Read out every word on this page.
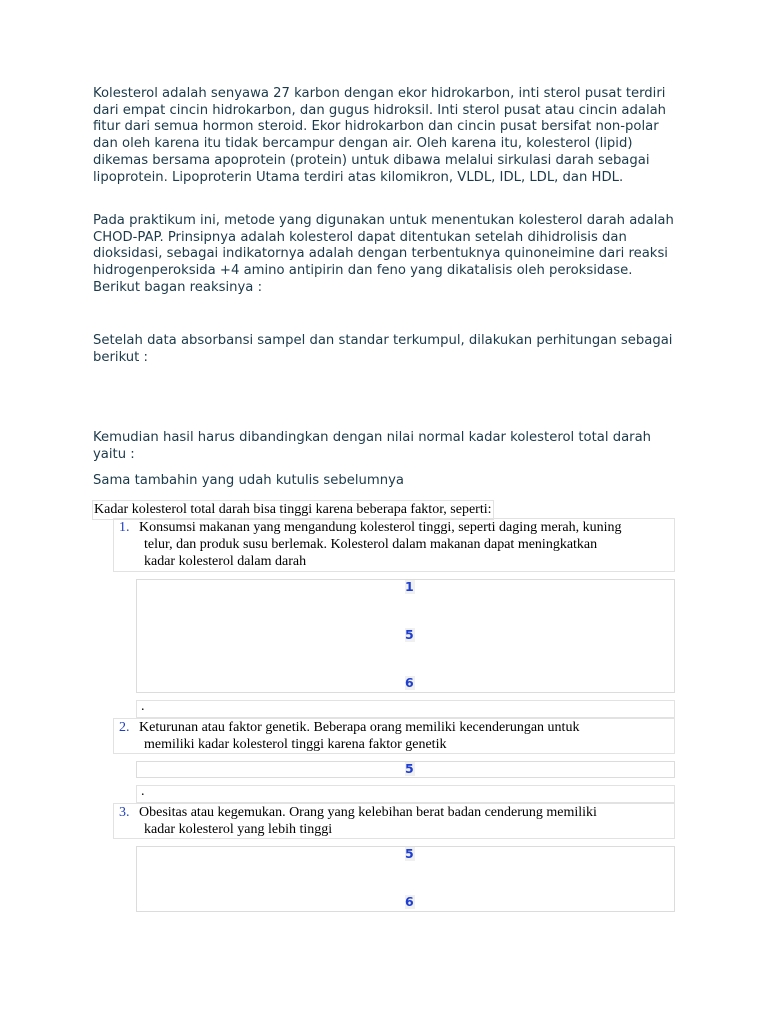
Kolesterol adalah senyawa 27 karbon dengan ekor hidrokarbon, inti sterol pusat terdiri dari empat cincin hidrokarbon, dan gugus hidroksil. Inti sterol pusat atau cincin adalah fitur dari semua hormon steroid. Ekor hidrokarbon dan cincin pusat bersifat non-polar dan oleh karena itu tidak bercampur dengan air. Oleh karena itu, kolesterol (lipid) dikemas bersama apoprotein (protein) untuk dibawa melalui sirkulasi darah sebagai lipoprotein. Lipoproterin Utama terdiri atas kilomikron, VLDL, IDL, LDL, dan HDL.

Pada praktikum ini, metode yang digunakan untuk menentukan kolesterol darah adalah CHOD-PAP. Prinsipnya adalah kolesterol dapat ditentukan setelah dihidrolisis dan dioksidasi, sebagai indikatornya adalah dengan terbentuknya quinoneimine dari reaksi hidrogenperoksida +4 amino antipirin dan feno yang dikatalisis oleh peroksidase. Berikut bagan reaksinya :

Setelah data absorbansi sampel dan standar terkumpul, dilakukan perhitungan sebagai berikut :

Kemudian hasil harus dibandingkan dengan nilai normal kadar kolesterol total darah yaitu :

Sama tambahin yang udah kutulis sebelumnya

Kadar kolesterol total darah bisa tinggi karena beberapa faktor, seperti:
1. Konsumsi makanan yang mengandung kolesterol tinggi, seperti daging merah, kuning
telur, dan produk susu berlemak. Kolesterol dalam makanan dapat meningkatkan
kadar kolesterol dalam darah
1
5
6
.
2. Keturunan atau faktor genetik. Beberapa orang memiliki kecenderungan untuk
memiliki kadar kolesterol tinggi karena faktor genetik
5
.
3. Obesitas atau kegemukan. Orang yang kelebihan berat badan cenderung memiliki
kadar kolesterol yang lebih tinggi
5
6
